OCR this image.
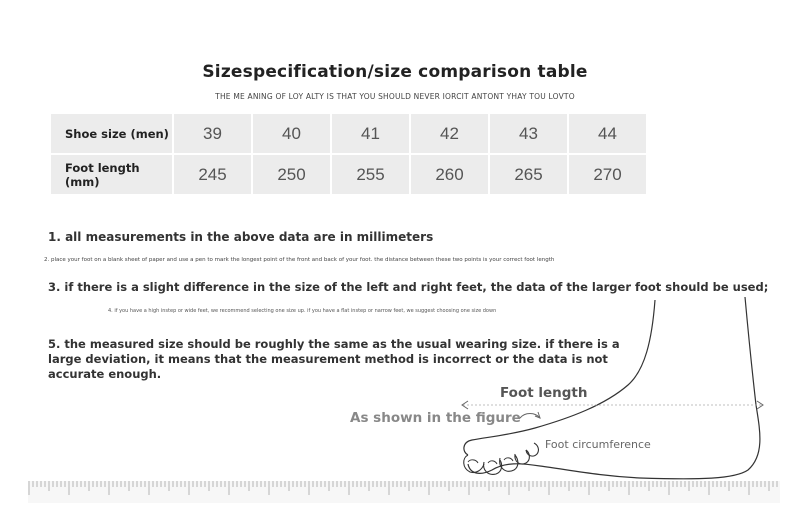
Sizespecification/size comparison table
THE ME ANING OF LOY ALTY IS THAT YOU SHOULD NEVER IORCIT ANTONT YHAY TOU LOVTO
Shoe size (men)	39	40	41	42	43	44
Foot length (mm)	245	250	255	260	265	270
1. all measurements in the above data are in millimeters
2. place your foot on a blank sheet of paper and use a pen to mark the longest point of the front and back of your foot. the distance between these two points is your correct foot length
3. if there is a slight difference in the size of the left and right feet, the data of the larger foot should be used;
4. if you have a high instep or wide feet, we recommend selecting one size up. if you have a flat instep or narrow feet, we suggest choosing one size down
5. the measured size should be roughly the same as the usual wearing size. if there is a large deviation, it means that the measurement method is incorrect or the data is not accurate enough.
Foot length
As shown in the figure
Foot circumference
